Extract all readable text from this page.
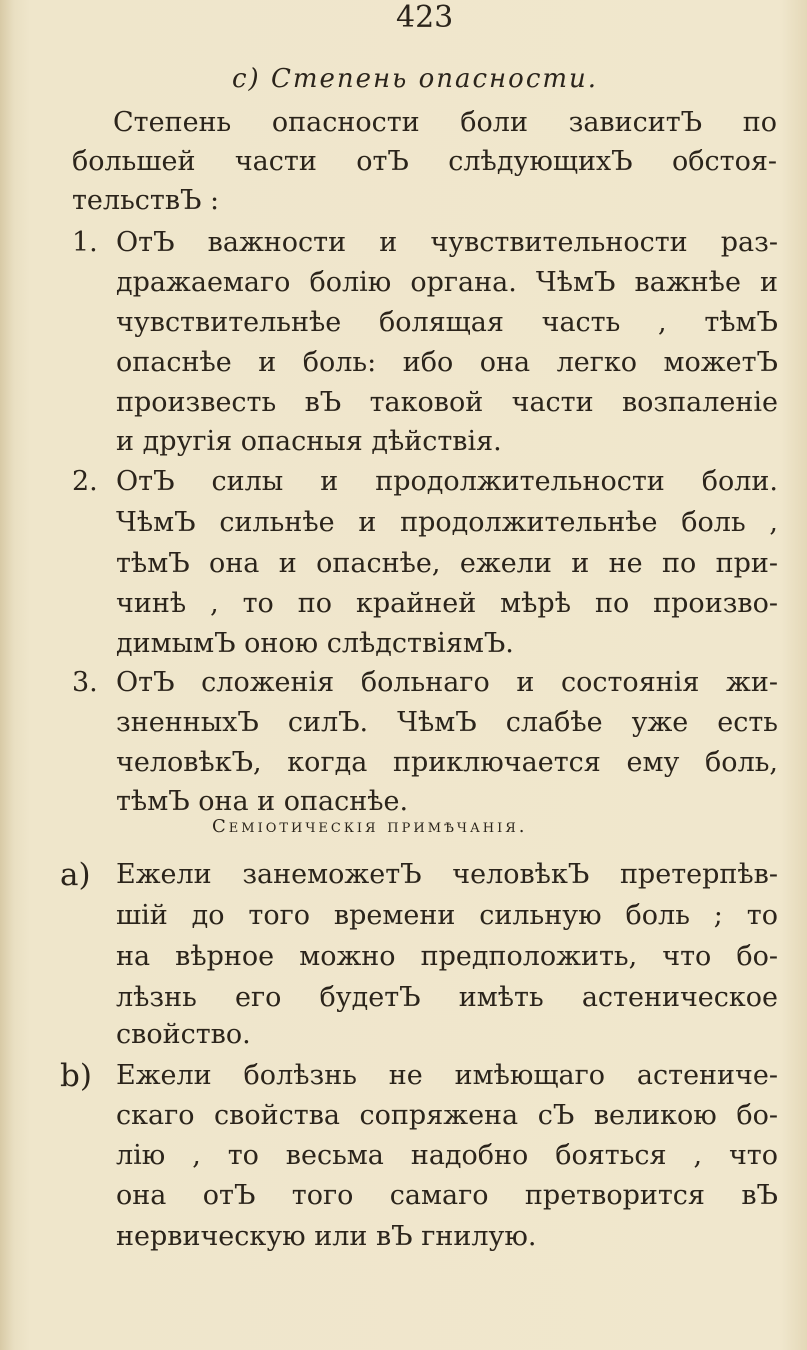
423
c) Степень опасности.
Степень опасности боли зависитЪ по
большей части отЪ слѣдующихЪ обстоя-
тельствЪ :
1. ОтЪ важности и чувствительности раз-
дражаемаго болію органа. ЧѣмЪ важнѣе и
чувствительнѣе болящая часть , тѣмЪ
опаснѣе и боль: ибо она легко можетЪ
произвесть вЪ таковой части возпаленіе
и другія опасныя дѣйствія.
2. ОтЪ силы и продолжительности боли.
ЧѣмЪ сильнѣе и продолжительнѣе боль ,
тѣмЪ она и опаснѣе, ежели и не по при-
чинѣ , то по крайней мѣрѣ по произво-
димымЪ оною слѣдствіямЪ.
3. ОтЪ сложенія больнаго и состоянія жи-
зненныхЪ силЪ. ЧѣмЪ слабѣе уже есть
человѣкЪ, когда приключается ему боль,
тѣмЪ она и опаснѣе.
Семіотическія примѣчанія.
a) Ежели занеможетЪ человѣкЪ претерпѣв-
шій до того времени сильную боль ; то
на вѣрное можно предположить, что бо-
лѣзнь его будетЪ имѣть астеническое
свойство.
b) Ежели болѣзнь не имѣющаго астениче-
скаго свойства сопряжена сЪ великою бо-
лію , то весьма надобно бояться , что
она отЪ того самаго претворится вЪ
нервическую или вЪ гнилую.
